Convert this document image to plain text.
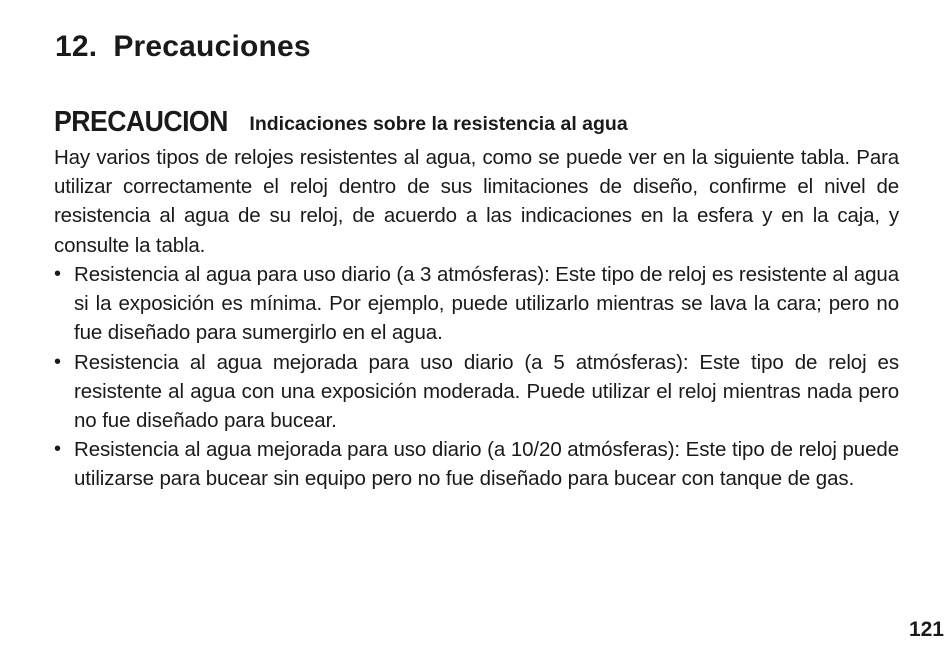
12. Precauciones
PRECAUCION Indicaciones sobre la resistencia al agua

Hay varios tipos de relojes resistentes al agua, como se puede ver en la siguiente tabla. Para utilizar correctamente el reloj dentro de sus limitaciones de diseño, confirme el nivel de resistencia al agua de su reloj, de acuerdo a las indicaciones en la esfera y en la caja, y consulte la tabla.

• Resistencia al agua para uso diario (a 3 atmósferas): Este tipo de reloj es resistente al agua si la exposición es mínima. Por ejemplo, puede utilizarlo mientras se lava la cara; pero no fue diseñado para sumergirlo en el agua.
• Resistencia al agua mejorada para uso diario (a 5 atmósferas): Este tipo de reloj es resistente al agua con una exposición moderada. Puede utilizar el reloj mientras nada pero no fue diseñado para bucear.
• Resistencia al agua mejorada para uso diario (a 10/20 atmósferas): Este tipo de reloj puede utilizarse para bucear sin equipo pero no fue diseñado para bucear con tanque de gas.
121
